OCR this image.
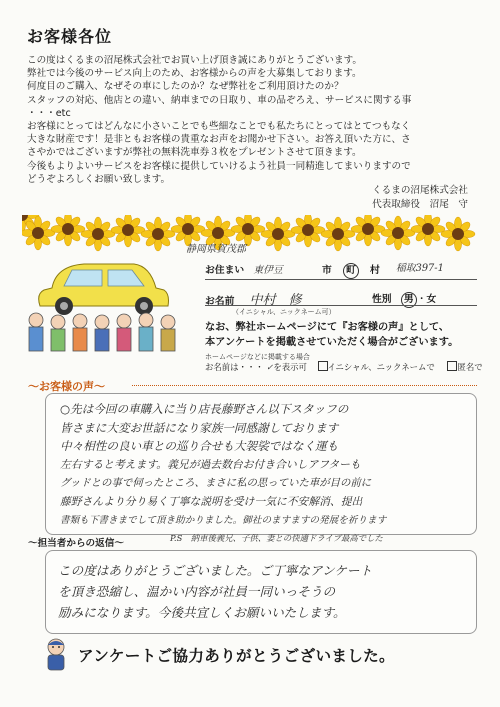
お客様各位

この度はくるまの沼尾株式会社でお買い上げ頂き誠にありがとうございます。

弊社では今後のサービス向上のため、お客様からの声を大募集しております。

何度目のご購入、なぜその車にしたのか？なぜ弊社をご利用頂けたのか？

スタッフの対応、他店との違い、納車までの日取り、車の品ぞろえ、サービスに関する事

・・・etc

お客様にとってはどんなに小さいことでも些細なことでも私たちにとってはとてつもなく

大きな財産です！是非ともお客様の貴重なお声をお聞かせ下さい。お答え頂いた方に、さ

さやかではございますが弊社の無料洗車券３枚をプレゼントさせて頂きます。

今後もよりよいサービスをお客様に提供していけるよう社員一同精進してまいりますので

どうぞよろしくお願い致します。

くるまの沼尾株式会社
代表取締役　沼尾　守
静岡県賀茂郡
お住まい 東伊豆	市 町 村 稲取397-1
お名前 中村　修	性別 男 ・女
（イニシャル、ニックネーム可）
なお、弊社ホームページにて『お客様の声』として、
本アンケートを掲載させていただく場合がございます。
ホームページなどに掲載する場合
お名前は・・・ ✓を表示可 イニシャル、ニックネームで	匿名で
～お客様の声～

○先は今回の車購入に当り店長藤野さん以下スタッフの

皆さまに大変お世話になり家族一同感謝しております

中々相性の良い車との巡り合せも大袈裟ではなく運も

左右すると考えます。義兄が過去数台お付き合いしアフターも

グッドとの事で伺ったところ、まさに私の思っていた車が目の前に

藤野さんより分り易く丁寧な説明を受け一気に不安解消、提出

書類も下書きまでして頂き助かりました。御社のますますの発展を祈ります

～担当者からの返信～	P.S　納車後義兄、子供、妻との快適ドライブ最高でした

この度はありがとうございました。ご丁寧なアンケート

を頂き恐縮し、温かい内容が社員一同いっそうの

励みになります。今後共宜しくお願いいたします。

アンケートご協力ありがとうございました。
